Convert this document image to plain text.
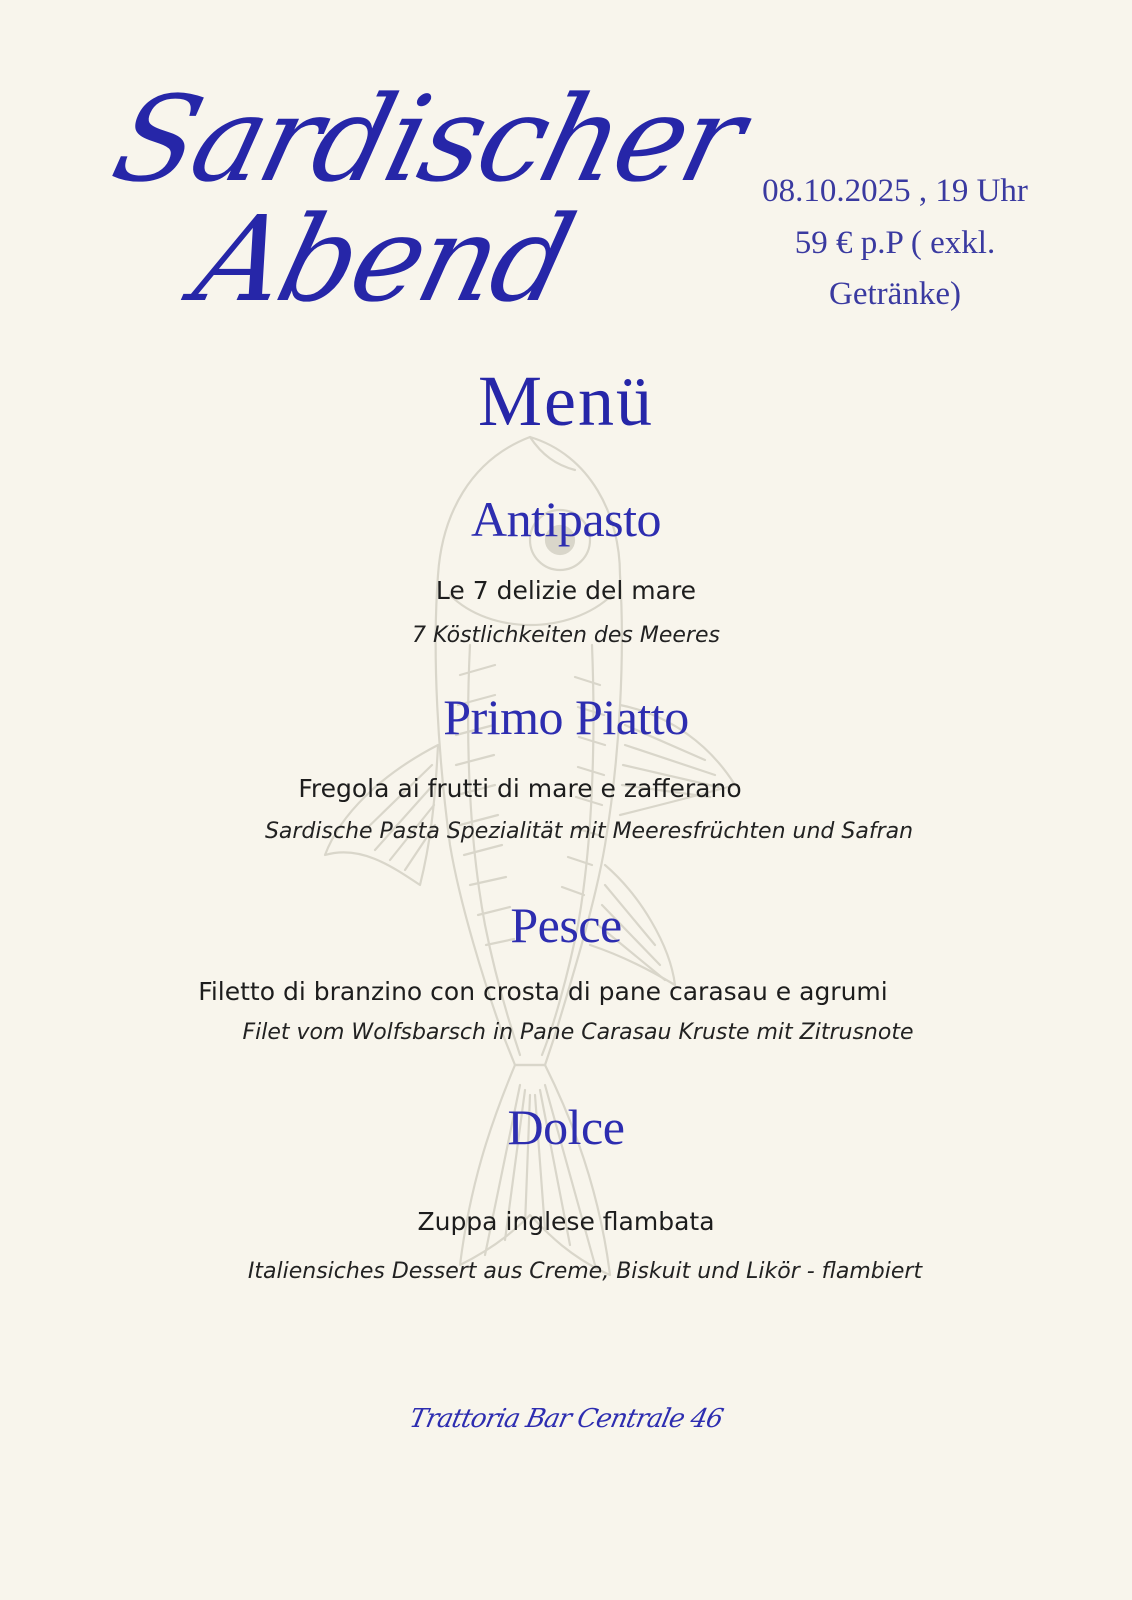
Sardischer
Abend	08.10.2025 , 19 Uhr
59 € p.P ( exkl.
Getränke)
Menü
Antipasto
Le 7 delizie del mare
7 Köstlichkeiten des Meeres
Primo Piatto
Fregola ai frutti di mare e zafferano
Sardische Pasta Spezialität mit Meeresfrüchten und Safran
Pesce
Filetto di branzino con crosta di pane carasau e agrumi
Filet vom Wolfsbarsch in Pane Carasau Kruste mit Zitrusnote
Dolce
Zuppa inglese flambata
Italiensiches Dessert aus Creme, Biskuit und Likör - flambiert
Trattoria Bar Centrale 46
